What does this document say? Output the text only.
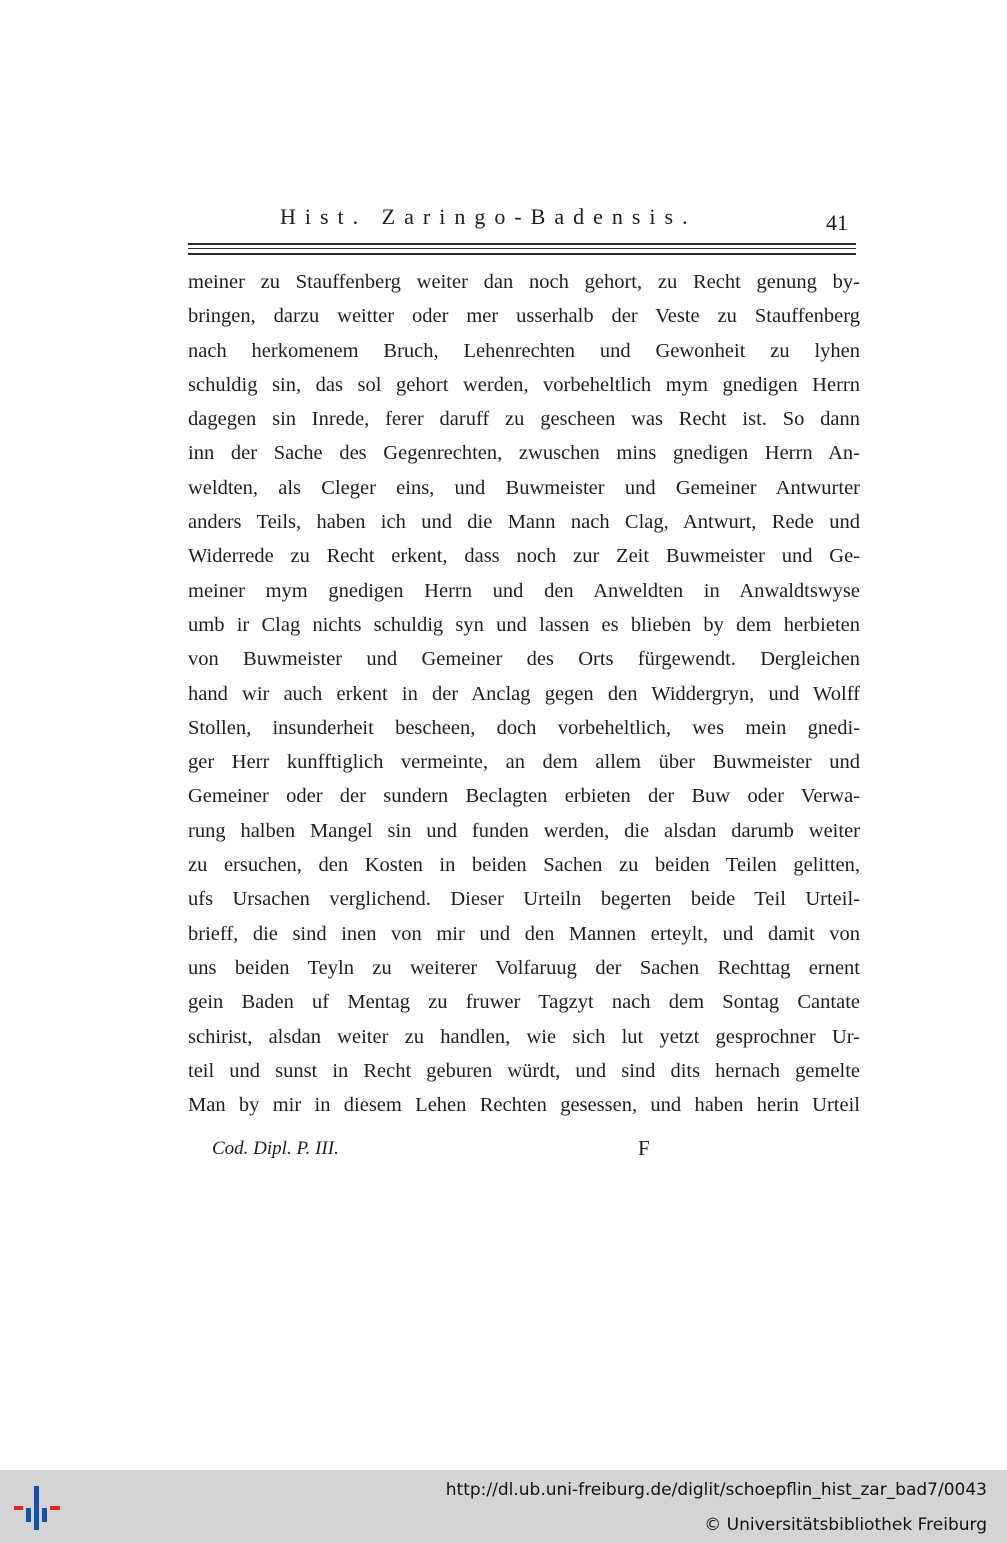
Hist. Zaringo-Badensis.	41
meiner zu Stauffenberg weiter dan noch gehort, zu Recht genung by-
bringen, darzu weitter oder mer usserhalb der Veste zu Stauffenberg
nach herkomenem Bruch, Lehenrechten und Gewonheit zu lyhen
schuldig sin, das sol gehort werden, vorbeheltlich mym gnedigen Herrn
dagegen sin Inrede, ferer daruff zu gescheen was Recht ist. So dann
inn der Sache des Gegenrechten, zwuschen mins gnedigen Herrn An-
weldten, als Cleger eins, und Buwmeister und Gemeiner Antwurter
anders Teils, haben ich und die Mann nach Clag, Antwurt, Rede und
Widerrede zu Recht erkent, dass noch zur Zeit Buwmeister und Ge-
meiner mym gnedigen Herrn und den Anweldten in Anwaldtswyse
umb ir Clag nichts schuldig syn und lassen es blieben by dem herbieten
von Buwmeister und Gemeiner des Orts fürgewendt. Dergleichen
hand wir auch erkent in der Anclag gegen den Widdergryn, und Wolff
Stollen, insunderheit bescheen, doch vorbeheltlich, wes mein gnedi-
ger Herr kunfftiglich vermeinte, an dem allem über Buwmeister und
Gemeiner oder der sundern Beclagten erbieten der Buw oder Verwa-
rung halben Mangel sin und funden werden, die alsdan darumb weiter
zu ersuchen, den Kosten in beiden Sachen zu beiden Teilen gelitten,
ufs Ursachen verglichend. Dieser Urteiln begerten beide Teil Urteil-
brieff, die sind inen von mir und den Mannen erteylt, und damit von
uns beiden Teyln zu weiterer Volfaruug der Sachen Rechttag ernent
gein Baden uf Mentag zu fruwer Tagzyt nach dem Sontag Cantate
schirist, alsdan weiter zu handlen, wie sich lut yetzt gesprochner Ur-
teil und sunst in Recht geburen würdt, und sind dits hernach gemelte
Man by mir in diesem Lehen Rechten gesessen, und haben herin Urteil
Cod. Dipl. P. III.	F
http://dl.ub.uni-freiburg.de/diglit/schoepflin_hist_zar_bad7/0043
© Universitätsbibliothek Freiburg
